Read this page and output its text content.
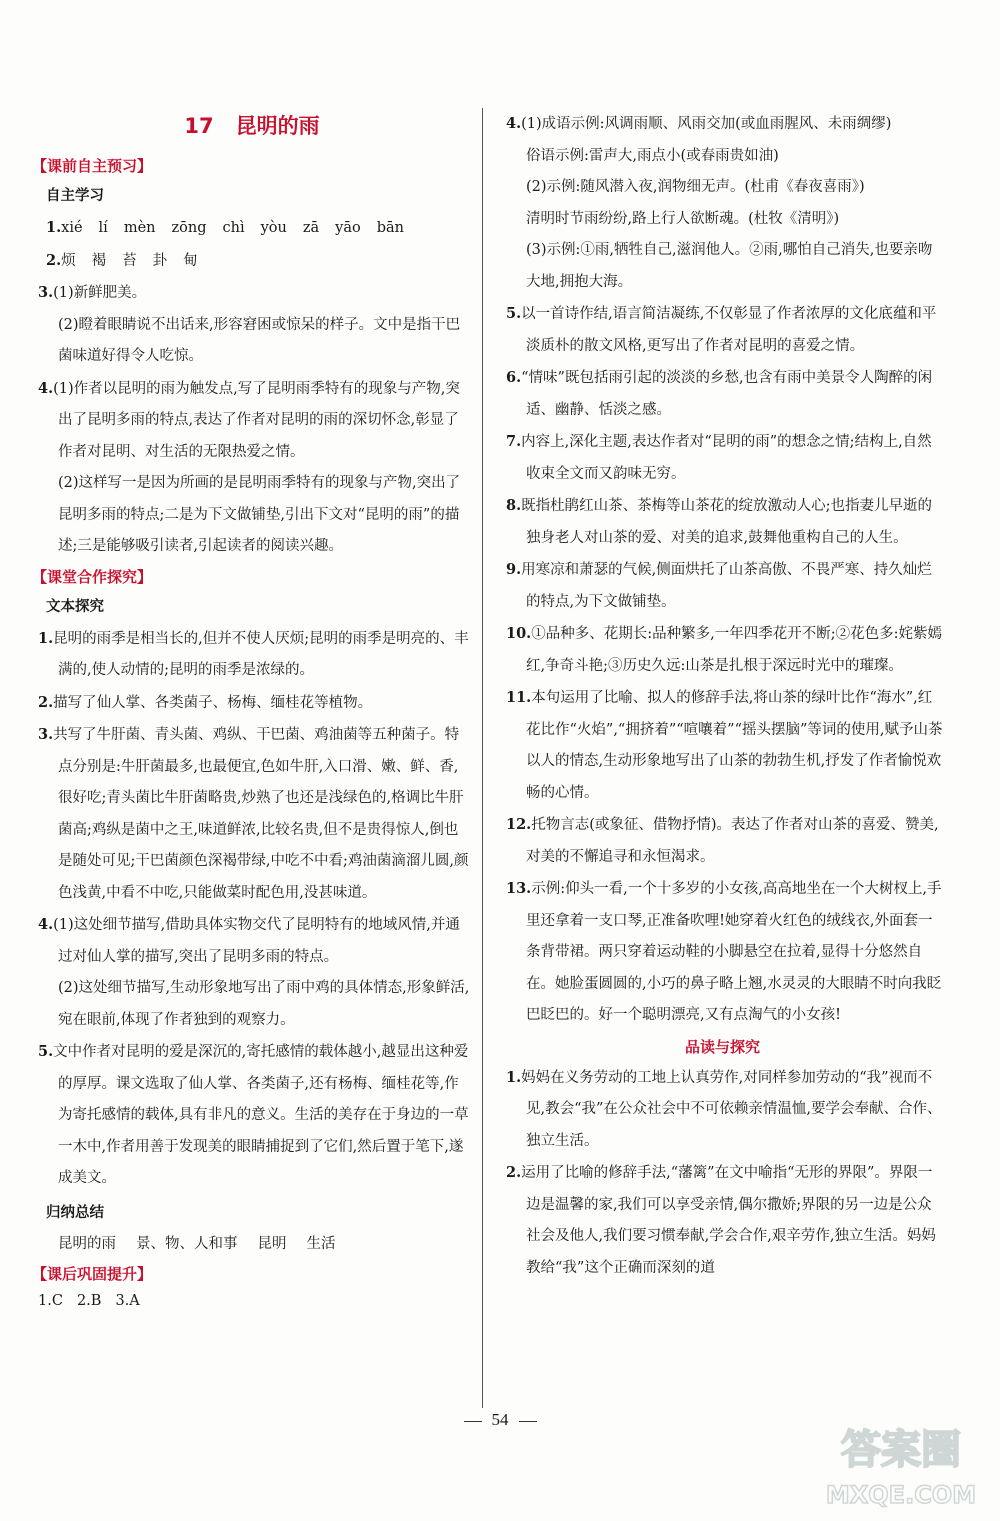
17 昆明的雨
【课前自主预习】
自主学习
1.xié lí mèn zōng chì yòu zā yāo bān
2.烦 褐 苔 卦 甸

3.(1)新鲜肥美。

(2)瞪着眼睛说不出话来,形容窘困或惊呆的样子。文中是指干巴菌味道好得令人吃惊。

4.(1)作者以昆明的雨为触发点,写了昆明雨季特有的现象与产物,突出了昆明多雨的特点,表达了作者对昆明的雨的深切怀念,彰显了作者对昆明、对生活的无限热爱之情。

(2)这样写一是因为所画的是昆明雨季特有的现象与产物,突出了昆明多雨的特点;二是为下文做铺垫,引出下文对“昆明的雨”的描述;三是能够吸引读者,引起读者的阅读兴趣。

【课堂合作探究】
文本探究

1.昆明的雨季是相当长的,但并不使人厌烦;昆明的雨季是明亮的、丰满的,使人动情的;昆明的雨季是浓绿的。

2.描写了仙人掌、各类菌子、杨梅、缅桂花等植物。

3.共写了牛肝菌、青头菌、鸡纵、干巴菌、鸡油菌等五种菌子。特点分别是:牛肝菌最多,也最便宜,色如牛肝,入口滑、嫩、鲜、香,很好吃;青头菌比牛肝菌略贵,炒熟了也还是浅绿色的,格调比牛肝菌高;鸡纵是菌中之王,味道鲜浓,比较名贵,但不是贵得惊人,倒也是随处可见;干巴菌颜色深褐带绿,中吃不中看;鸡油菌滴溜儿圆,颜色浅黄,中看不中吃,只能做菜时配色用,没甚味道。

4.(1)这处细节描写,借助具体实物交代了昆明特有的地域风情,并通过对仙人掌的描写,突出了昆明多雨的特点。

(2)这处细节描写,生动形象地写出了雨中鸡的具体情态,形象鲜活,宛在眼前,体现了作者独到的观察力。

5.文中作者对昆明的爱是深沉的,寄托感情的载体越小,越显出这种爱的厚厚。课文选取了仙人掌、各类菌子,还有杨梅、缅桂花等,作为寄托感情的载体,具有非凡的意义。生活的美存在于身边的一草一木中,作者用善于发现美的眼睛捕捉到了它们,然后置于笔下,遂成美文。

归纳总结
昆明的雨 景、物、人和事 昆明 生活
【课后巩固提升】
1.C 2.B 3.A

4.(1)成语示例:风调雨顺、风雨交加(或血雨腥风、未雨绸缪)

俗语示例:雷声大,雨点小(或春雨贵如油)

(2)示例:随风潜入夜,润物细无声。(杜甫《春夜喜雨》)

清明时节雨纷纷,路上行人欲断魂。(杜牧《清明》)

(3)示例:①雨,牺牲自己,滋润他人。②雨,哪怕自己消失,也要亲吻大地,拥抱大海。

5.以一首诗作结,语言简洁凝练,不仅彰显了作者浓厚的文化底蕴和平淡质朴的散文风格,更写出了作者对昆明的喜爱之情。

6.“情味”既包括雨引起的淡淡的乡愁,也含有雨中美景令人陶醉的闲适、幽静、恬淡之感。

7.内容上,深化主题,表达作者对“昆明的雨”的想念之情;结构上,自然收束全文而又韵味无穷。

8.既指杜鹃红山茶、茶梅等山茶花的绽放激动人心;也指妻儿早逝的独身老人对山茶的爱、对美的追求,鼓舞他重构自己的人生。

9.用寒凉和萧瑟的气候,侧面烘托了山茶高傲、不畏严寒、持久灿烂的特点,为下文做铺垫。

10.①品种多、花期长:品种繁多,一年四季花开不断;②花色多:姹紫嫣红,争奇斗艳;③历史久远:山茶是扎根于深远时光中的璀璨。

11.本句运用了比喻、拟人的修辞手法,将山茶的绿叶比作“海水”,红花比作“火焰”,“拥挤着”“喧嚷着”“摇头摆脑”等词的使用,赋予山茶以人的情态,生动形象地写出了山茶的勃勃生机,抒发了作者愉悦欢畅的心情。

12.托物言志(或象征、借物抒情)。表达了作者对山茶的喜爱、赞美,对美的不懈追寻和永恒渴求。

13.示例:仰头一看,一个十多岁的小女孩,高高地坐在一个大树杈上,手里还拿着一支口琴,正准备吹哩!她穿着火红色的绒线衣,外面套一条背带裙。两只穿着运动鞋的小脚悬空在拉着,显得十分悠然自在。她脸蛋圆圆的,小巧的鼻子略上翘,水灵灵的大眼睛不时向我眨巴眨巴的。好一个聪明漂亮,又有点淘气的小女孩!

品读与探究

1.妈妈在义务劳动的工地上认真劳作,对同样参加劳动的“我”视而不见,教会“我”在公众社会中不可依赖亲情温恤,要学会奉献、合作、独立生活。

2.运用了比喻的修辞手法,“藩篱”在文中喻指“无形的界限”。界限一边是温馨的家,我们可以享受亲情,偶尔撒娇;界限的另一边是公众社会及他人,我们要习惯奉献,学会合作,艰辛劳作,独立生活。妈妈教给“我”这个正确而深刻的道

54
答案圈
MXQE.COM
